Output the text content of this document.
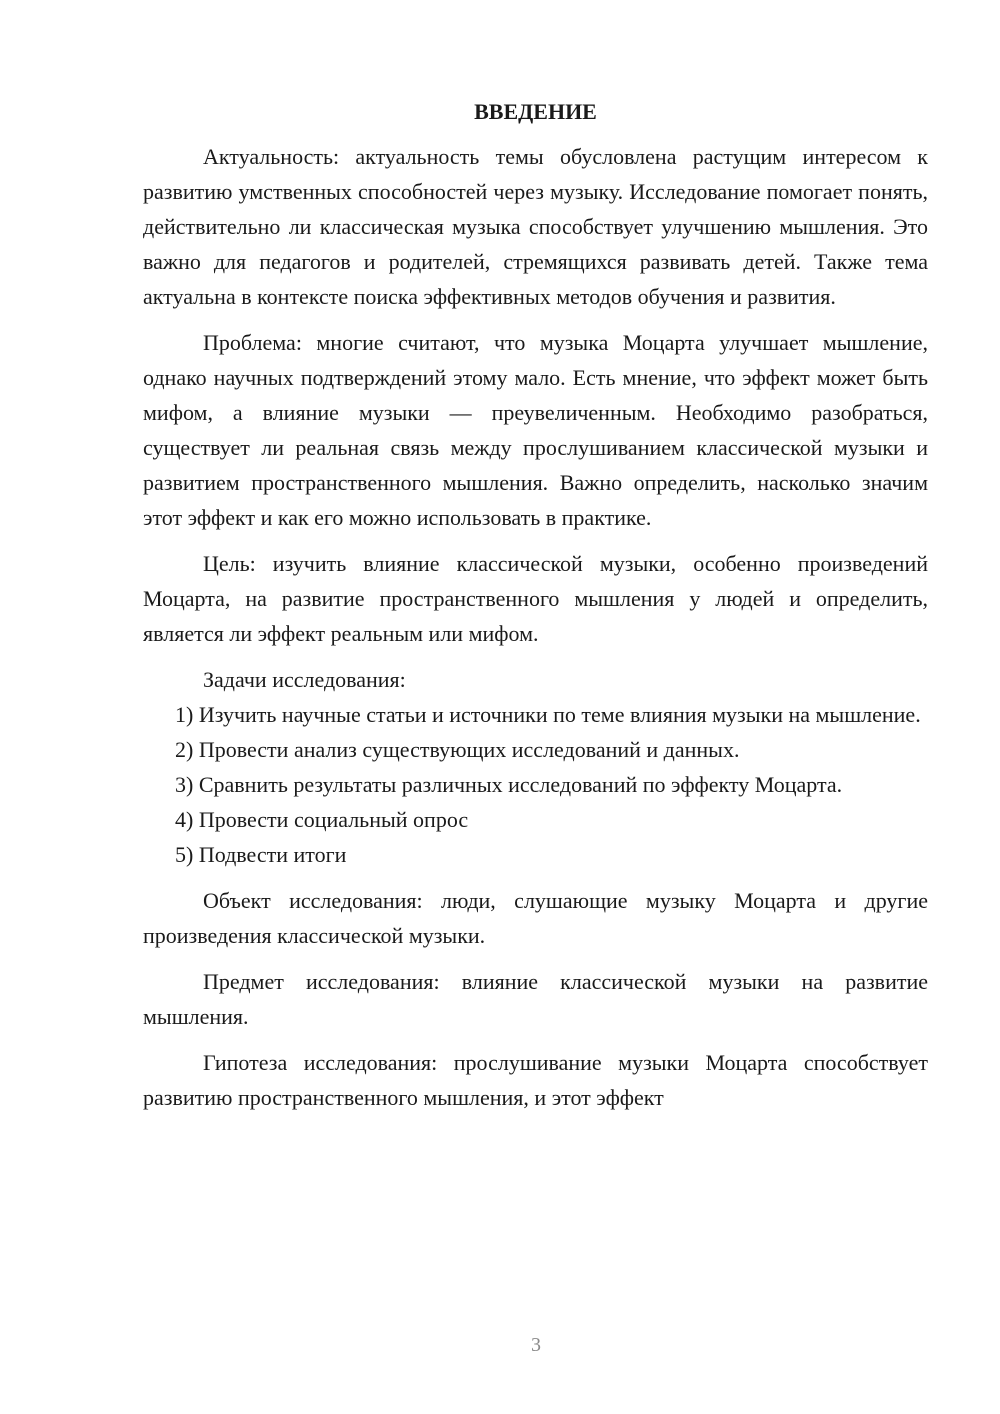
ВВЕДЕНИЕ

Актуальность: актуальность темы обусловлена растущим интересом к развитию умственных способностей через музыку. Исследование помогает понять, действительно ли классическая музыка способствует улучшению мышления. Это важно для педагогов и родителей, стремящихся развивать детей. Также тема актуальна в контексте поиска эффективных методов обучения и развития.

Проблема: многие считают, что музыка Моцарта улучшает мышление, однако научных подтверждений этому мало. Есть мнение, что эффект может быть мифом, а влияние музыки — преувеличенным. Необходимо разобраться, существует ли реальная связь между прослушиванием классической музыки и развитием пространственного мышления. Важно определить, насколько значим этот эффект и как его можно использовать в практике.

Цель: изучить влияние классической музыки, особенно произведений Моцарта, на развитие пространственного мышления у людей и определить, является ли эффект реальным или мифом.

Задачи исследования:

1) Изучить научные статьи и источники по теме влияния музыки на мышление.

2) Провести анализ существующих исследований и данных.

3) Сравнить результаты различных исследований по эффекту Моцарта.

4) Провести социальный опрос

5) Подвести итоги

Объект исследования: люди, слушающие музыку Моцарта и другие произведения классической музыки.

Предмет исследования: влияние классической музыки на развитие мышления.

Гипотеза исследования: прослушивание музыки Моцарта способствует развитию пространственного мышления, и этот эффект

3
